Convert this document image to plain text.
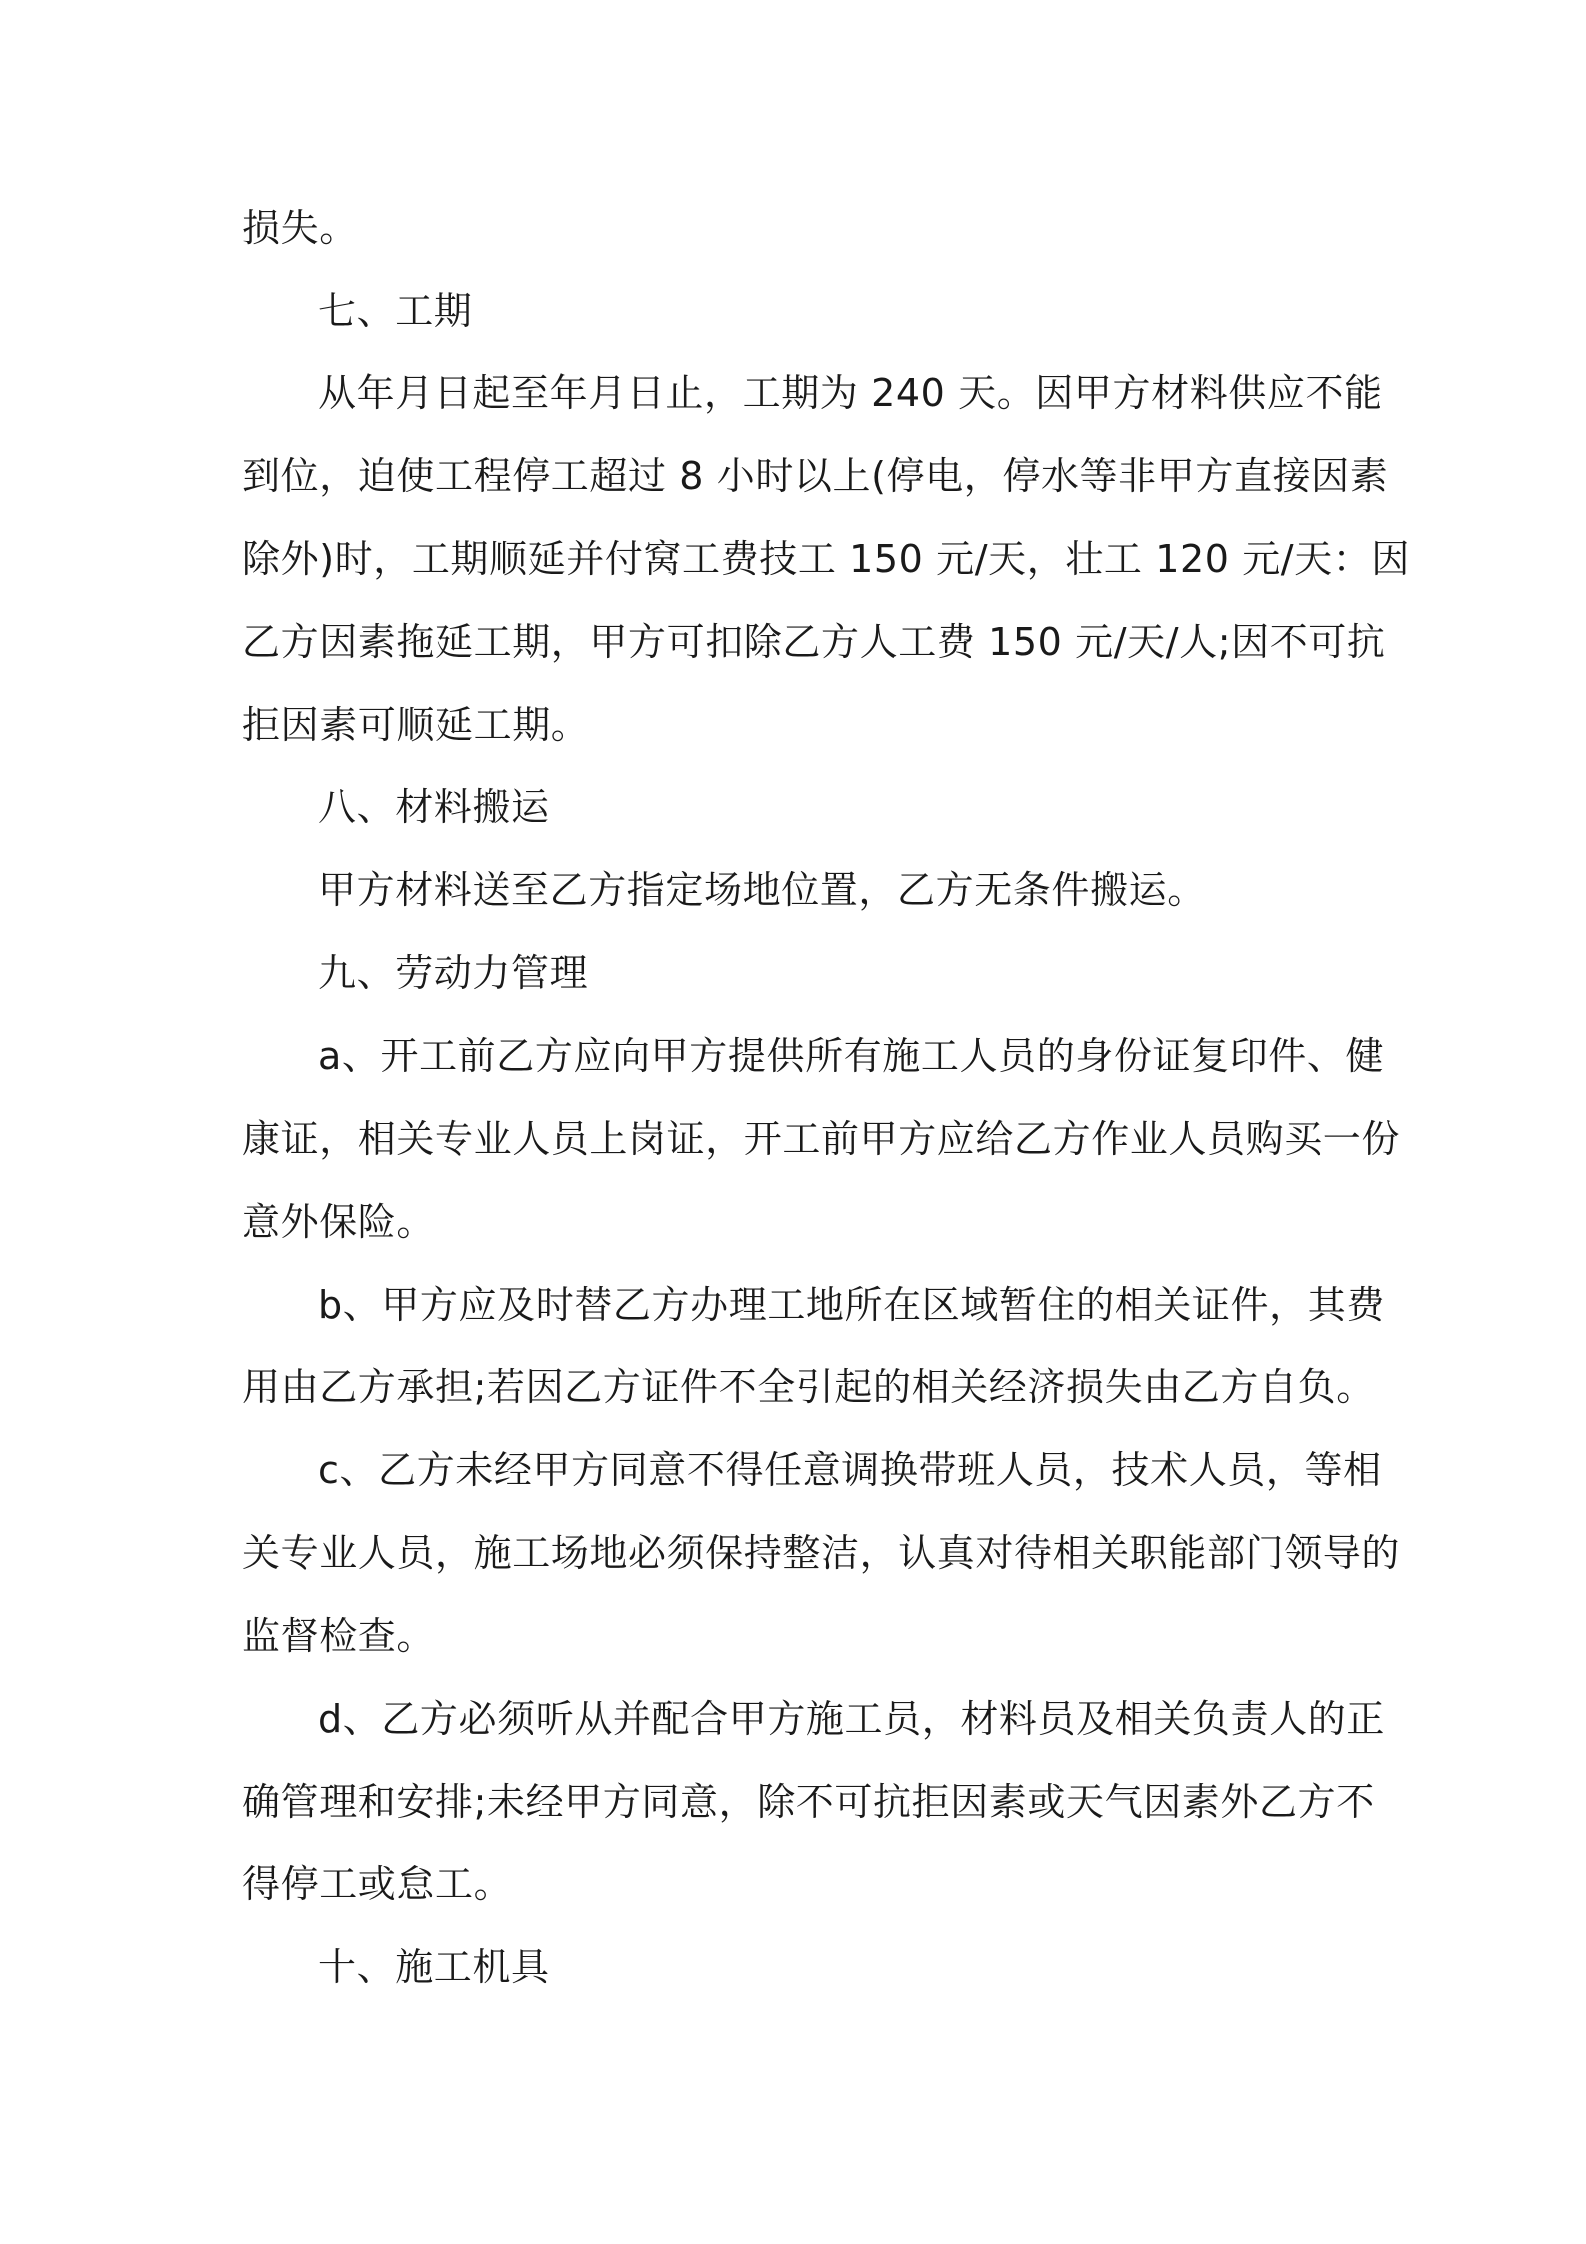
损失。
七、工期
从年月日起至年月日止，工期为 240 天。因甲方材料供应不能
到位，迫使工程停工超过 8 小时以上(停电，停水等非甲方直接因素
除外)时，工期顺延并付窝工费技工 150 元/天，壮工 120 元/天：因
乙方因素拖延工期，甲方可扣除乙方人工费 150 元/天/人;因不可抗
拒因素可顺延工期。
八、材料搬运
甲方材料送至乙方指定场地位置，乙方无条件搬运。
九、劳动力管理
a、开工前乙方应向甲方提供所有施工人员的身份证复印件、健
康证，相关专业人员上岗证，开工前甲方应给乙方作业人员购买一份
意外保险。
b、甲方应及时替乙方办理工地所在区域暂住的相关证件，其费
用由乙方承担;若因乙方证件不全引起的相关经济损失由乙方自负。
c、乙方未经甲方同意不得任意调换带班人员，技术人员，等相
关专业人员，施工场地必须保持整洁，认真对待相关职能部门领导的
监督检查。
d、乙方必须听从并配合甲方施工员，材料员及相关负责人的正
确管理和安排;未经甲方同意，除不可抗拒因素或天气因素外乙方不
得停工或怠工。
十、施工机具
